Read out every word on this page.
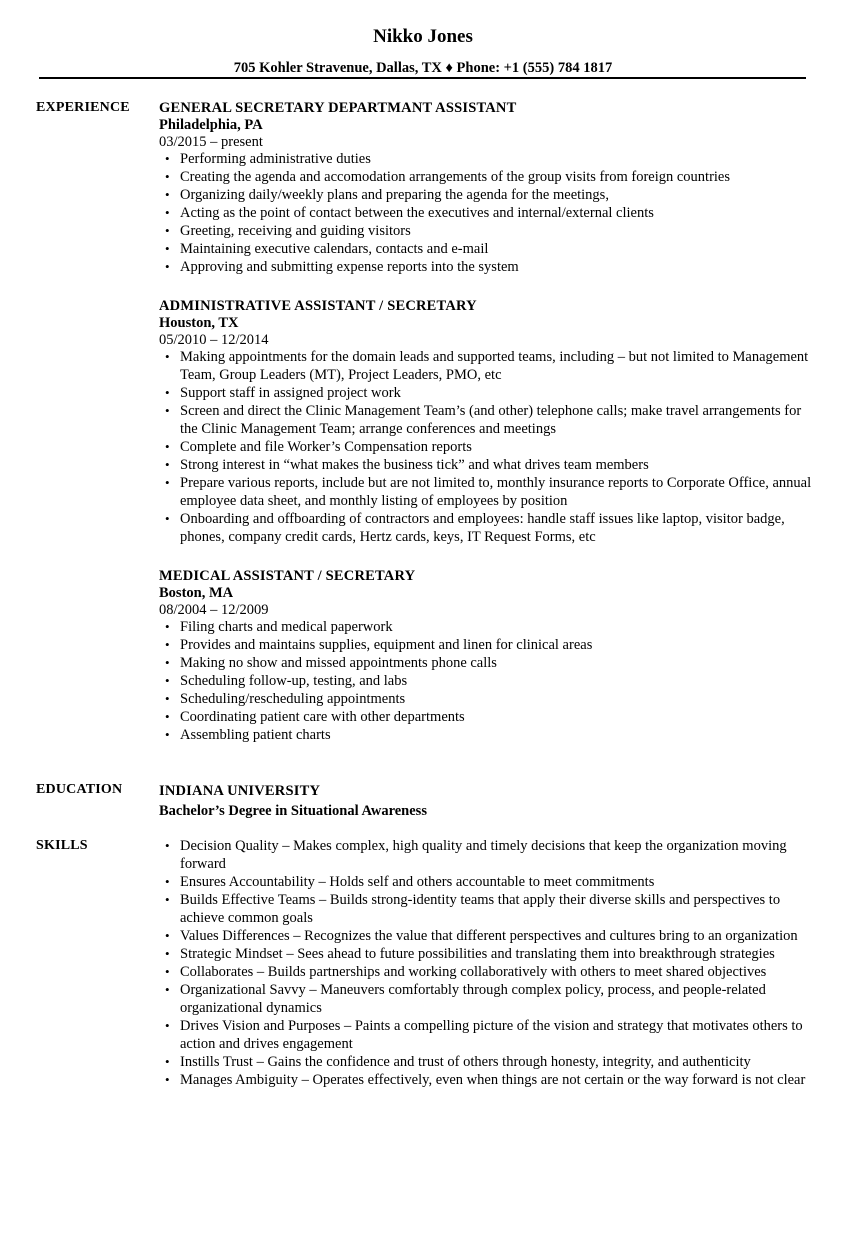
Nikko Jones
705 Kohler Stravenue, Dallas, TX ♦ Phone: +1 (555) 784 1817
EXPERIENCE GENERAL SECRETARY DEPARTMANT ASSISTANT
Philadelphia, PA
03/2015 – present
• Performing administrative duties
• Creating the agenda and accomodation arrangements of the group visits from foreign countries
• Organizing daily/weekly plans and preparing the agenda for the meetings,
• Acting as the point of contact between the executives and internal/external clients
• Greeting, receiving and guiding visitors
• Maintaining executive calendars, contacts and e-mail
• Approving and submitting expense reports into the system
ADMINISTRATIVE ASSISTANT / SECRETARY
Houston, TX
05/2010 – 12/2014
• Making appointments for the domain leads and supported teams, including – but not limited to Management Team, Group Leaders (MT), Project Leaders, PMO, etc
• Support staff in assigned project work
• Screen and direct the Clinic Management Team’s (and other) telephone calls; make travel arrangements for the Clinic Management Team; arrange conferences and meetings
• Complete and file Worker’s Compensation reports
• Strong interest in “what makes the business tick” and what drives team members
• Prepare various reports, include but are not limited to, monthly insurance reports to Corporate Office, annual employee data sheet, and monthly listing of employees by position
• Onboarding and offboarding of contractors and employees: handle staff issues like laptop, visitor badge, phones, company credit cards, Hertz cards, keys, IT Request Forms, etc
MEDICAL ASSISTANT / SECRETARY
Boston, MA
08/2004 – 12/2009
• Filing charts and medical paperwork
• Provides and maintains supplies, equipment and linen for clinical areas
• Making no show and missed appointments phone calls
• Scheduling follow-up, testing, and labs
• Scheduling/rescheduling appointments
• Coordinating patient care with other departments
• Assembling patient charts
EDUCATION	INDIANA UNIVERSITY
Bachelor’s Degree in Situational Awareness
SKILLS	• Decision Quality – Makes complex, high quality and timely decisions that keep the organization moving forward
• Ensures Accountability – Holds self and others accountable to meet commitments
• Builds Effective Teams – Builds strong-identity teams that apply their diverse skills and perspectives to achieve common goals
• Values Differences – Recognizes the value that different perspectives and cultures bring to an organization
• Strategic Mindset – Sees ahead to future possibilities and translating them into breakthrough strategies
• Collaborates – Builds partnerships and working collaboratively with others to meet shared objectives
• Organizational Savvy – Maneuvers comfortably through complex policy, process, and people-related organizational dynamics
• Drives Vision and Purposes – Paints a compelling picture of the vision and strategy that motivates others to action and drives engagement
• Instills Trust – Gains the confidence and trust of others through honesty, integrity, and authenticity
• Manages Ambiguity – Operates effectively, even when things are not certain or the way forward is not clear
